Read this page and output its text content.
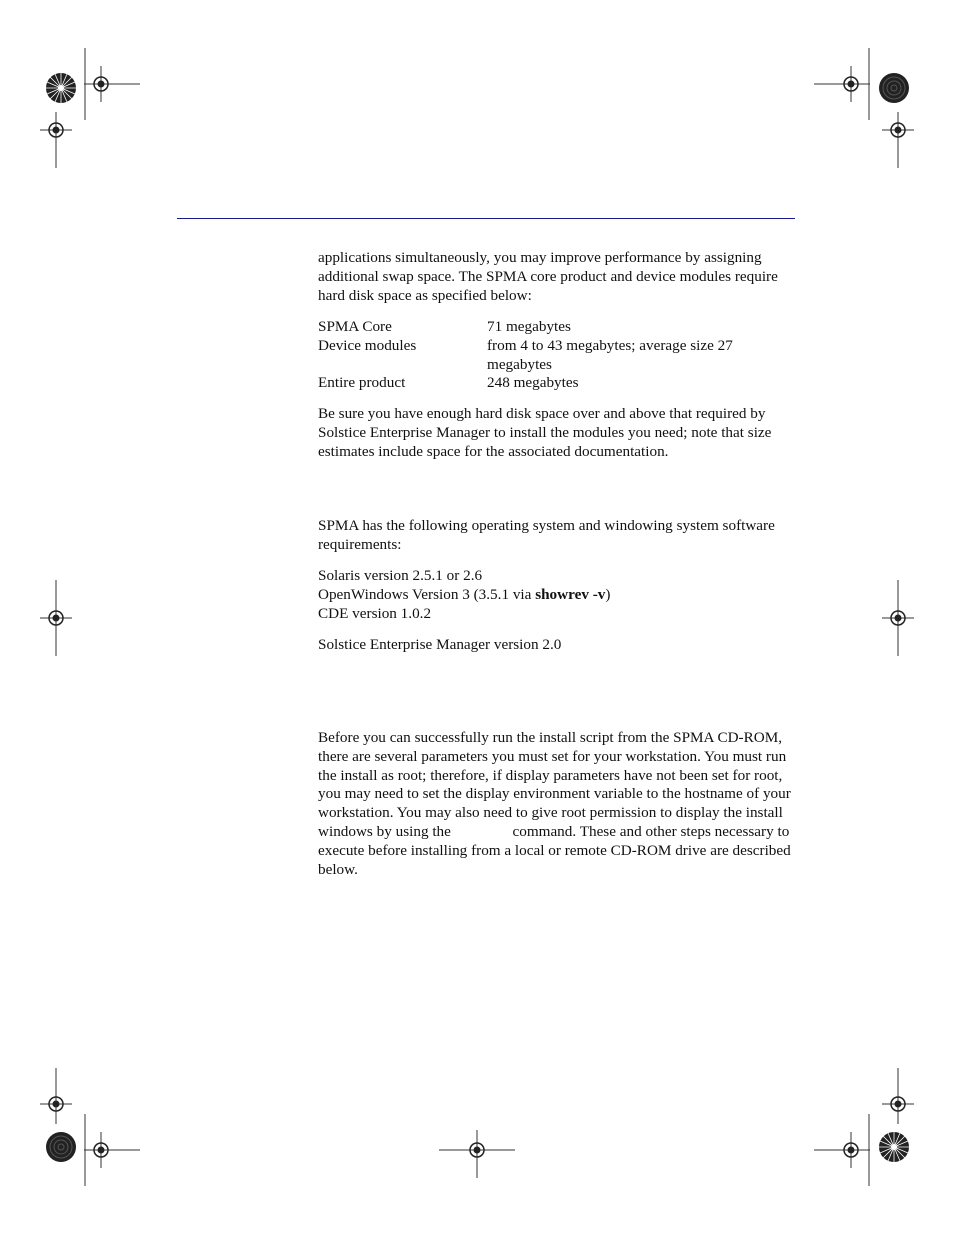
applications simultaneously, you may improve performance by assigning additional swap space. The SPMA core product and device modules require hard disk space as specified below:

SPMA Core	71 megabytes
Device modules	from 4 to 43 megabytes; average size 27 megabytes
Entire product	248 megabytes

Be sure you have enough hard disk space over and above that required by Solstice Enterprise Manager to install the modules you need; note that size estimates include space for the associated documentation.

SPMA has the following operating system and windowing system software requirements:

Solaris version 2.5.1 or 2.6
OpenWindows Version 3 (3.5.1 via showrev -v)
CDE version 1.0.2
Solstice Enterprise Manager version 2.0

Before you can successfully run the install script from the SPMA CD-ROM, there are several parameters you must set for your workstation. You must run the install as root; therefore, if display parameters have not been set for root, you may need to set the display environment variable to the hostname of your workstation. You may also need to give root permission to display the install windows by using the	command. These and other steps necessary to execute before installing from a local or remote CD-ROM drive are described below.
